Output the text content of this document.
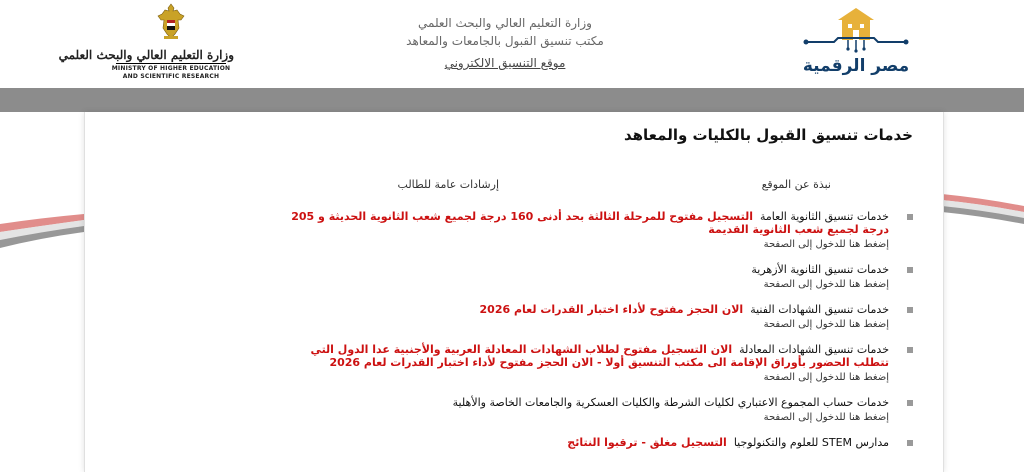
وزارة التعليم العالي والبحث العلمي
MINISTRY OF HIGHER EDUCATION
AND SCIENTIFIC RESEARCH
وزارة التعليم العالي والبحث العلمي
مكتب تنسيق القبول بالجامعات والمعاهد
موقع التنسيق الالكتروني	مصر الرقمية
خدمات تنسيق القبول بالكليات والمعاهد
نبذة عن الموقع
إرشادات عامة للطالب
خدمات تنسيق الثانوية العامة  التسجيل مفتوح للمرحلة الثالثة بحد أدنى 160 درجة لجميع شعب الثانوية الحديثة و 205 درجة لجميع شعب الثانوية القديمة
إضغط هنا للدخول إلى الصفحة
خدمات تنسيق الثانوية الأزهرية
إضغط هنا للدخول إلى الصفحة
خدمات تنسيق الشهادات الفنية  الان الحجز مفتوح لأداء اختبار القدرات لعام 2026
إضغط هنا للدخول إلى الصفحة
خدمات تنسيق الشهادات المعادلة  الان التسجيل مفتوح لطلاب الشهادات المعادلة العربية والأجنبية عدا الدول التي تتطلب الحضور بأوراق الإقامة الى مكتب التنسيق أولا - الان الحجز مفتوح لأداء اختبار القدرات لعام 2026
إضغط هنا للدخول إلى الصفحة
خدمات حساب المجموع الاعتباري لكليات الشرطة والكليات العسكرية والجامعات الخاصة والأهلية
إضغط هنا للدخول إلى الصفحة
مدارس STEM للعلوم والتكنولوجيا  التسجيل مغلق - ترقبوا النتائج
